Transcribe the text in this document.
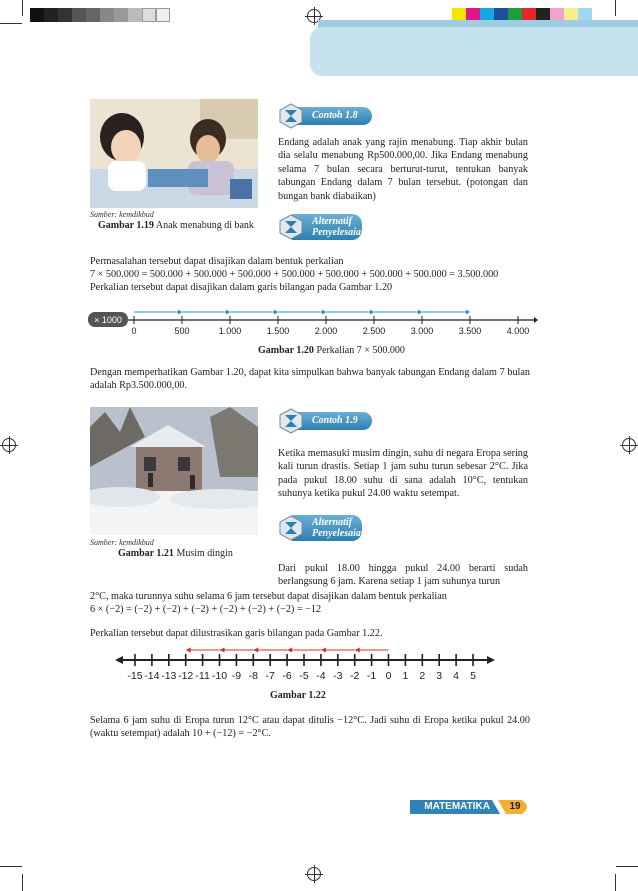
Sumber: kemdikbud
Gambar 1.19 Anak menabung di bank
Contoh 1.8
Endang adalah anak yang rajin menabung. Tiap akhir bulan dia selalu menabung Rp500.000,00. Jika Endang menabung selama 7 bulan secara berturut-turut, tentukan banyak tabungan Endang dalam 7 bulan tersebut. (potongan dan bungan bank diabaikan)
Alternatif
Penyelesaian
Permasalahan tersebut dapat disajikan dalam bentuk perkalian
7 × 500.000 = 500.000 + 500.000 + 500.000 + 500.000 + 500.000 + 500.000 + 500.000 = 3.500.000
Perkalian tersebut dapat disajikan dalam garis bilangan pada Gambar 1.20
× 1000
0	500	1.000	1.500	2.000	2.500	3.000	3.500	4.000
Gambar 1.20 Perkalian 7 × 500.000
Dengan memperhatikan Gambar 1.20, dapat kita simpulkan bahwa banyak tabungan Endang dalam 7 bulan adalah Rp3.500.000,00.
Sumber: kemdikbud
Gambar 1.21 Musim dingin
Contoh 1.9
Ketika memasuki musim dingin, suhu di negara Eropa sering kali turun drastis. Setiap 1 jam suhu turun sebesar 2°C. Jika pada pukul 18.00 suhu di sana adalah 10°C, tentukan suhunya ketika pukul 24.00 waktu setempat.
Alternatif
Penyelesaian
Dari pukul 18.00 hingga pukul 24.00 berarti sudah berlangsung 6 jam. Karena setiap 1 jam suhunya turun
2°C, maka turunnya suhu selama 6 jam tersebut dapat disajikan dalam bentuk perkalian
6 × (−2) = (−2) + (−2) + (−2) + (−2) + (−2) + (−2) = −12
Perkalian tersebut dapat dilustrasikan garis bilangan pada Gambar 1.22.
-15 -14 -13 -12 -11 -10 -9 -8 -7 -6 -5 -4 -3 -2 -1 0 1 2 3 4 5
Gambar 1.22
Selama 6 jam suhu di Eropa turun 12°C atau dapat ditulis −12°C. Jadi suhu di Eropa ketika pukul 24.00 (waktu setempat) adalah 10 + (−12) = −2°C.
MATEMATIKA	19
